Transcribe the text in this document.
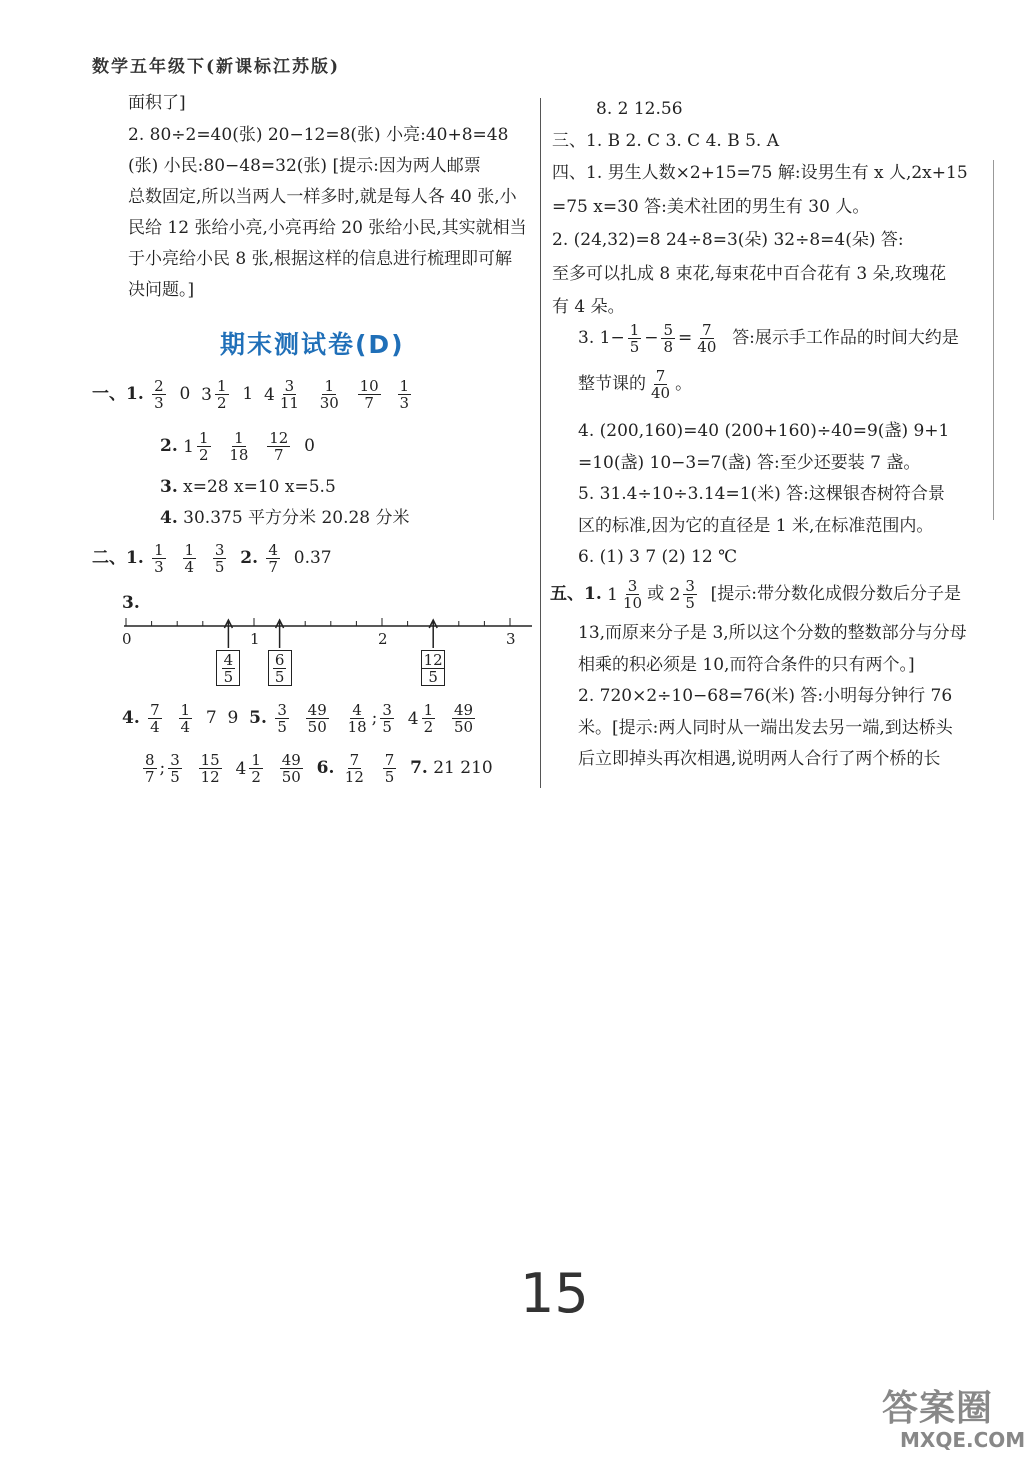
数学五年级下(新课标江苏版)
面积了]
2. 80÷2=40(张) 20−12=8(张) 小亮:40+8=48
(张) 小民:80−48=32(张) [提示:因为两人邮票
总数固定,所以当两人一样多时,就是每人各 40 张,小
民给 12 张给小亮,小亮再给 20 张给小民,其实就相当
于小亮给小民 8 张,根据这样的信息进行梳理即可解
决问题。]
期末测试卷(D)
一、1. $\frac{2}{3} 0$ $3 \frac{1}{2} 1$ $4 \frac{3}{11}$
$\frac{1}{30}$
$\frac{10}{7}$
$\frac{1}{3}$
2. $1 \frac{1}{2}$
$\frac{1}{18}$
$\frac{12}{7} 0$
3. x=28 x=10 x=5.5
4. 30.375 平方分米 20.28 分米
二、1. $\frac{1}{3}$
$\frac{1}{4}$
$\frac{3}{5} 2$. $\frac{4}{7} 0.37$
3.
0	1	2	3
$\frac{4}{5}$	$\frac{6}{5}$	$\frac{12}{5}$
4. $\frac{7}{4}$
$\frac{1}{4} 7$ 9 5. $\frac{3}{5}$
$\frac{49}{50}$
$\frac{4}{18}$ ; $\frac{3}{5}$
$4 \frac{1}{2}$
$\frac{49}{50}$
$\frac{8}{7}$ ; $\frac{3}{5}$
$\frac{15}{12}$
$4 \frac{1}{2}$
$\frac{49}{50} 6$. $\frac{7}{12}$
$\frac{7}{5} 7$. 21 210
8. 2 12.56
三、1. B 2. C 3. C 4. B 5. A
四、1. 男生人数×2+15=75 解:设男生有 x 人,2x+15
=75 x=30 答:美术社团的男生有 30 人。
2. (24,32)=8 24÷8=3(朵) 32÷8=4(朵) 答:
至多可以扎成 8 束花,每束花中百合花有 3 朵,玫瑰花
有 4 朵。
3. $1- \frac{1}{5} - \frac{5}{8} = \frac{7}{40}$ 答:展示手工作品的时间大约是
整节课的 $\frac{7}{40}$ 。
4. (200,160)=40 (200+160)÷40=9(盏) 9+1
=10(盏) 10−3=7(盏) 答:至少还要装 7 盏。
5. 31.4÷10÷3.14=1(米) 答:这棵银杏树符合景
区的标准,因为它的直径是 1 米,在标准范围内。
6. (1) 3 7 (2) 12 ℃
五、1. $1 \frac{3}{10}$ 或 $2 \frac{3}{5}$ [提示:带分数化成假分数后分子是
13,而原来分子是 3,所以这个分数的整数部分与分母
相乘的积必须是 10,而符合条件的只有两个。]
2. 720×2÷10−68=76(米) 答:小明每分钟行 76
米。[提示:两人同时从一端出发去另一端,到达桥头
后立即掉头再次相遇,说明两人合行了两个桥的长
15
答案圈
MXQE.COM
